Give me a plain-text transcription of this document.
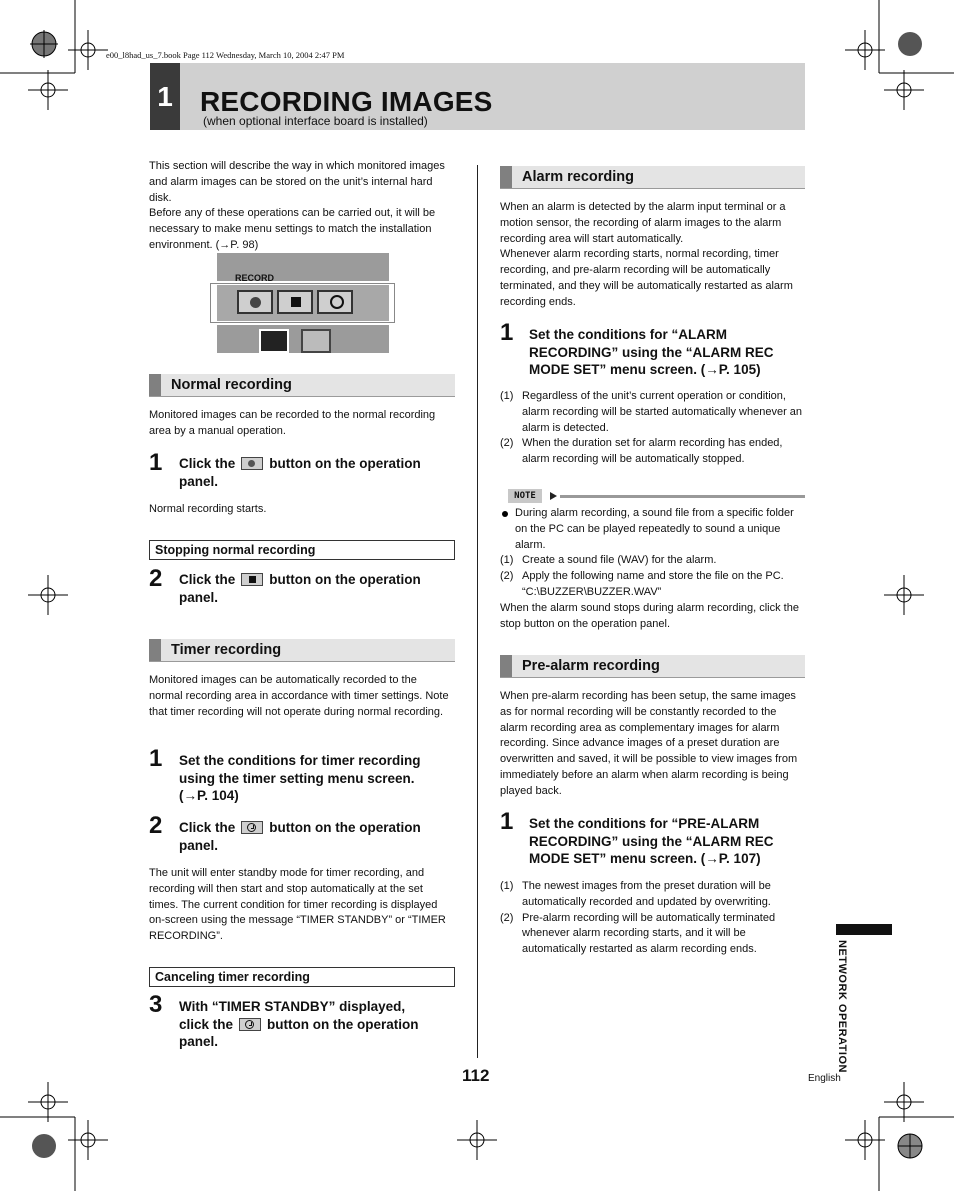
e00_l8had_us_7.book Page 112 Wednesday, March 10, 2004 2:47 PM
1 RECORDING IMAGES
(when optional interface board is installed)
This section will describe the way in which monitored images and alarm images can be stored on the unit’s internal hard disk.
Before any of these operations can be carried out, it will be necessary to make menu settings to match the installation environment. (→P. 98)
RECORD
Normal recording
Monitored images can be recorded to the normal recording area by a manual operation.
1 Click the	button on the operation
panel.
Normal recording starts.
Stopping normal recording
2 Click the	button on the operation
panel.
Timer recording
Monitored images can be automatically recorded to the normal recording area in accordance with timer settings. Note that timer recording will not operate during normal recording.
1 Set the conditions for timer recording
using the timer setting menu screen.
(→P. 104)
2 Click the	button on the operation
panel.
The unit will enter standby mode for timer recording, and recording will then start and stop automatically at the set times. The current condition for timer recording is displayed on-screen using the message “TIMER STANDBY” or “TIMER RECORDING”.
Canceling timer recording
3 With “TIMER STANDBY” displayed,
click the	button on the operation
panel.
Alarm recording
When an alarm is detected by the alarm input terminal or a motion sensor, the recording of alarm images to the alarm recording area will start automatically.
Whenever alarm recording starts, normal recording, timer recording, and pre-alarm recording will be automatically terminated, and they will be automatically restarted as alarm recording ends.
1 Set the conditions for “ALARM
RECORDING” using the “ALARM REC
MODE SET” menu screen. (→P. 105)
(1) Regardless of the unit’s current operation or condition, alarm recording will be started automatically whenever an alarm is detected.
(2) When the duration set for alarm recording has ended, alarm recording will be automatically stopped.
NOTE
During alarm recording, a sound file from a specific folder on the PC can be played repeatedly to sound a unique alarm.
(1) Create a sound file (WAV) for the alarm.
(2) Apply the following name and store the file on the PC. “C:\BUZZER\BUZZER.WAV”
When the alarm sound stops during alarm recording, click the stop button on the operation panel.
Pre-alarm recording
When pre-alarm recording has been setup, the same images as for normal recording will be constantly recorded to the alarm recording area as complementary images for alarm recording. Since advance images of a preset duration are overwritten and saved, it will be possible to view images from immediately before an alarm when alarm recording is being played back.
1 Set the conditions for “PRE-ALARM
RECORDING” using the “ALARM REC
MODE SET” menu screen. (→P. 107)
(1) The newest images from the preset duration will be automatically recorded and updated by overwriting.
(2) Pre-alarm recording will be automatically terminated whenever alarm recording starts, and it will be automatically restarted as alarm recording ends.
112	English
NETWORK OPERATION
